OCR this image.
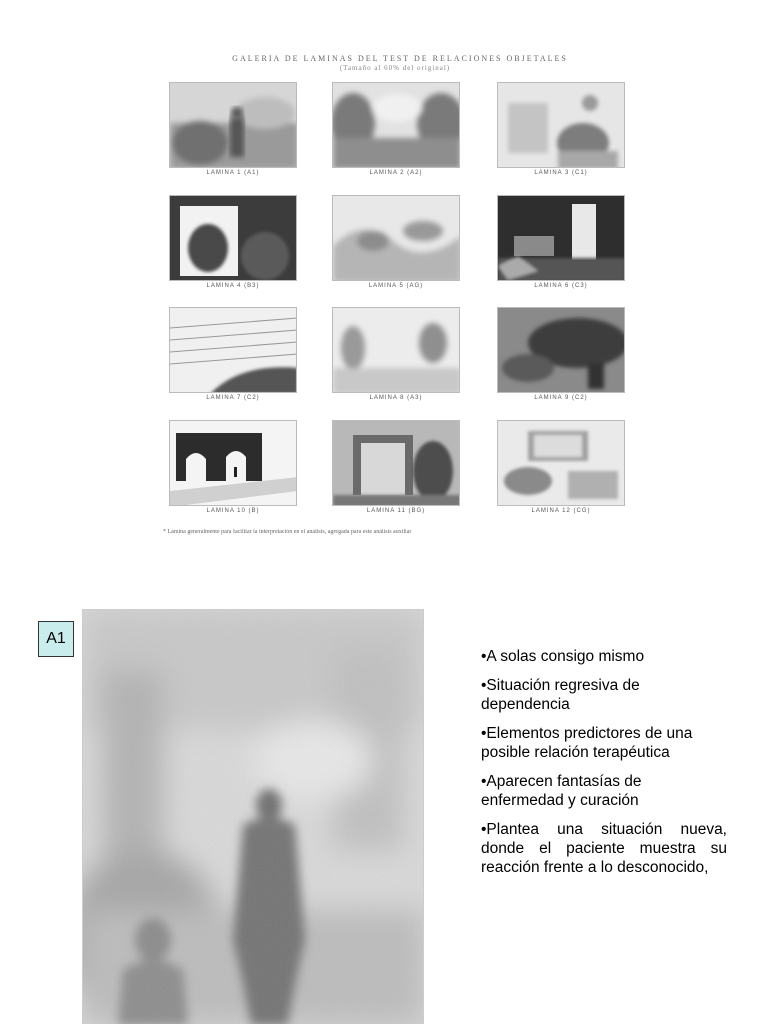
GALERIA DE LAMINAS DEL TEST DE RELACIONES OBJETALES
(Tamaño al 60% del original)
LAMINA 1 (A1)	LAMINA 2 (A2)	LAMINA 3 (C1)
LAMINA 4 (B3)	LAMINA 5 (AG)	LAMINA 6 (C3)
LAMINA 7 (C2)	LAMINA 8 (A3)	LAMINA 9 (C2)
LAMINA 10 (B)	LAMINA 11 (BG)	LAMINA 12 (CG)
* Lámina generalmente para facilitar la interpretación en el análisis, agregada para este análisis auxiliar
A1
•A solas consigo mismo
•Situación regresiva de dependencia
•Elementos predictores de una posible relación terapéutica
•Aparecen fantasías de enfermedad y curación
•Plantea una situación nueva, donde el paciente muestra su reacción frente a lo desconocido,
